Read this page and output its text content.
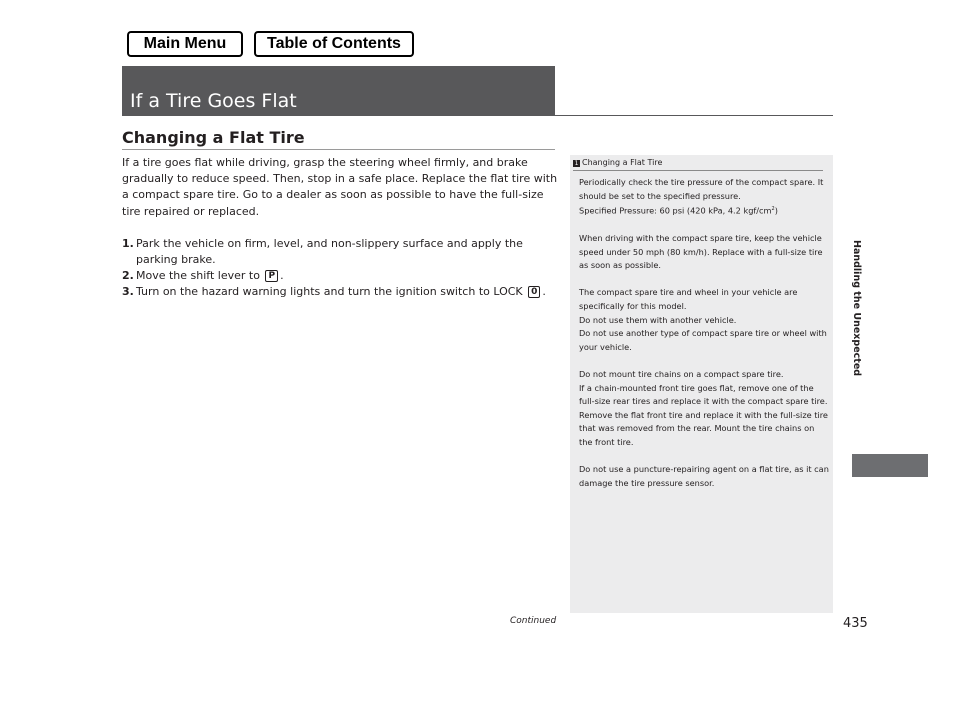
Main Menu	Table of Contents
If a Tire Goes Flat
Changing a Flat Tire

If a tire goes flat while driving, grasp the steering wheel firmly, and brake gradually to reduce speed. Then, stop in a safe place. Replace the flat tire with a compact spare tire. Go to a dealer as soon as possible to have the full-size tire repaired or replaced.

1. Park the vehicle on firm, level, and non-slippery surface and apply the parking brake.
2. Move the shift lever to P .
3. Turn on the hazard warning lights and turn the ignition switch to LOCK 0 .
1 Changing a Flat Tire

Periodically check the tire pressure of the compact spare. It should be set to the specified pressure.
Specified Pressure: 60 psi (420 kPa, 4.2 kgf/$cm^2$)

When driving with the compact spare tire, keep the vehicle speed under 50 mph (80 km/h). Replace with a full-size tire as soon as possible.

The compact spare tire and wheel in your vehicle are specifically for this model.
Do not use them with another vehicle.
Do not use another type of compact spare tire or wheel with your vehicle.

Do not mount tire chains on a compact spare tire.
If a chain-mounted front tire goes flat, remove one of the full-size rear tires and replace it with the compact spare tire. Remove the flat front tire and replace it with the full-size tire that was removed from the rear. Mount the tire chains on the front tire.

Do not use a puncture-repairing agent on a flat tire, as it can damage the tire pressure sensor.

Continued	435
Handling the Unexpected
